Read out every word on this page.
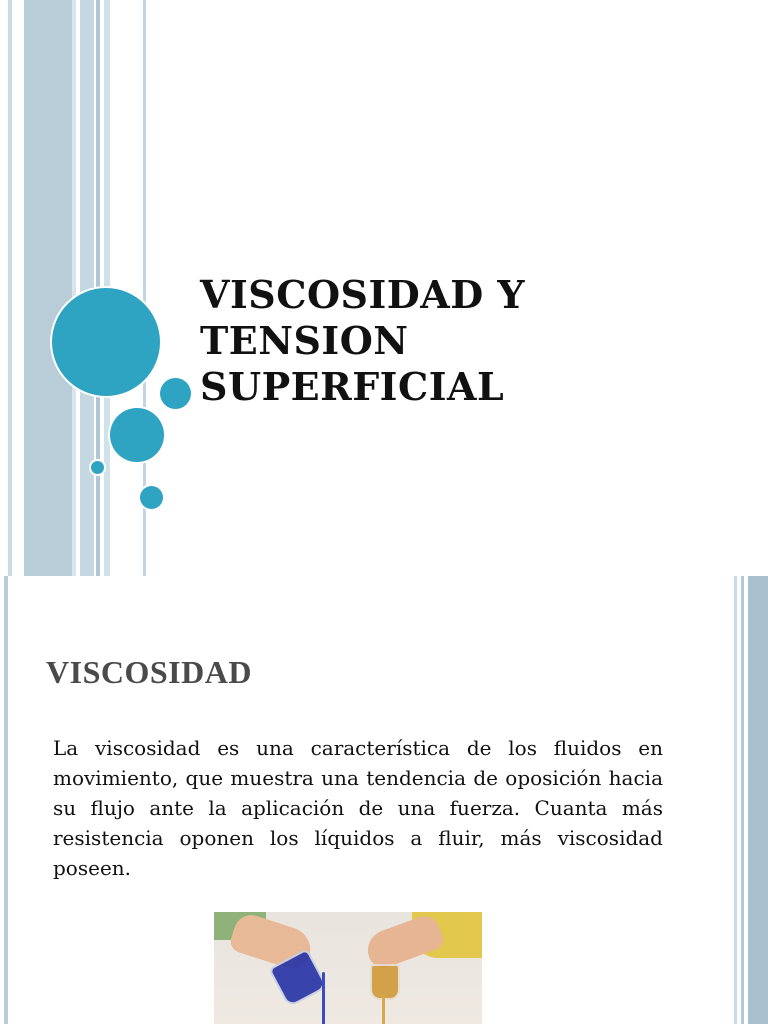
VISCOSIDAD Y
TENSION
SUPERFICIAL
VISCOSIDAD

La viscosidad es una característica de los fluidos en movimiento, que muestra una tendencia de oposición hacia su flujo ante la aplicación de una fuerza. Cuanta más resistencia oponen los líquidos a fluir, más viscosidad poseen.
